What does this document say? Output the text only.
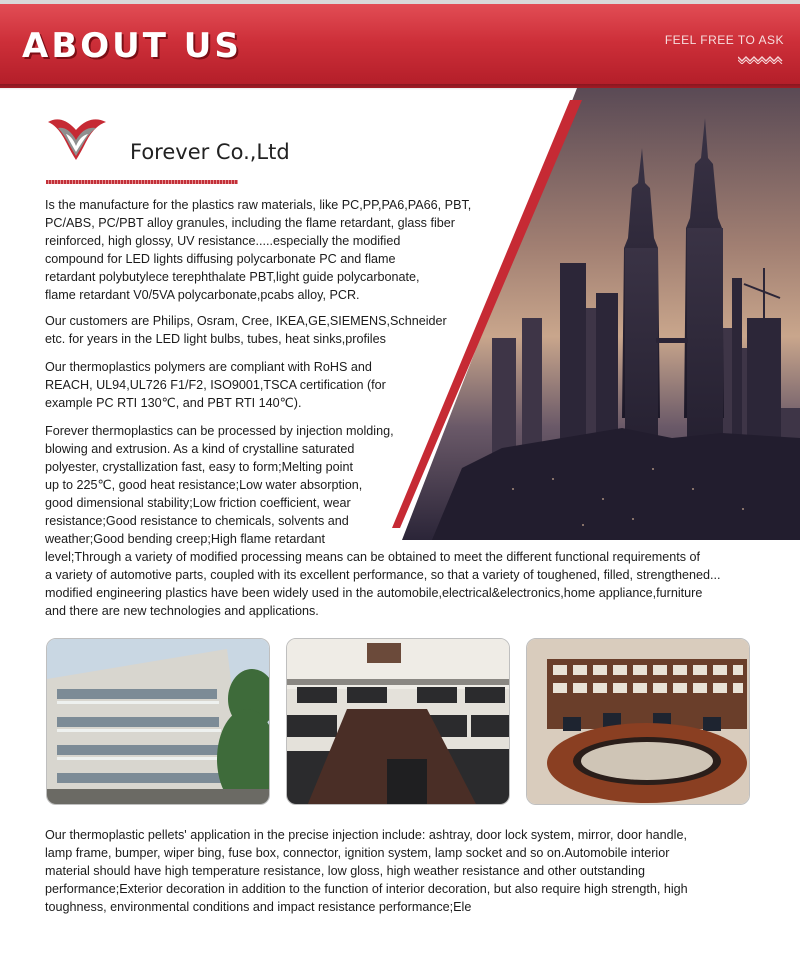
ABOUT US	FEEL FREE TO ASK
Forever Co.,Ltd

Is the manufacture for the plastics raw materials, like PC,PP,PA6,PA66, PBT,
PC/ABS, PC/PBT alloy granules, including the flame retardant, glass fiber
reinforced, high glossy, UV resistance.....especially the modified
compound for LED lights diffusing polycarbonate PC and flame
retardant polybutylece terephthalate PBT,light guide polycarbonate,
flame retardant V0/5VA polycarbonate,pcabs alloy, PCR.

Our customers are Philips, Osram, Cree, IKEA,GE,SIEMENS,Schneider
etc. for years in the LED light bulbs, tubes, heat sinks,profiles

Our thermoplastics polymers are compliant with RoHS and
REACH, UL94,UL726 F1/F2, ISO9001,TSCA certification (for
example PC RTI 130℃, and PBT RTI 140℃).

Forever thermoplastics can be processed by injection molding,
blowing and extrusion. As a kind of crystalline saturated
polyester, crystallization fast, easy to form;Melting point
up to 225℃, good heat resistance;Low water absorption,
good dimensional stability;Low friction coefficient, wear
resistance;Good resistance to chemicals, solvents and
weather;Good bending creep;High flame retardant
level;Through a variety of modified processing means can be obtained to meet the different functional requirements of
a variety of automotive parts, coupled with its excellent performance, so that a variety of toughened, filled, strengthened...
modified engineering plastics have been widely used in the automobile,electrical&electronics,home appliance,furniture
and there are new technologies and applications.

Our thermoplastic pellets' application in the precise injection include: ashtray, door lock system, mirror, door handle,
lamp frame, bumper, wiper bing, fuse box, connector, ignition system, lamp socket and so on.Automobile interior
material should have high temperature resistance, low gloss, high weather resistance and other outstanding
performance;Exterior decoration in addition to the function of interior decoration, but also require high strength, high
toughness, environmental conditions and impact resistance performance;Ele
